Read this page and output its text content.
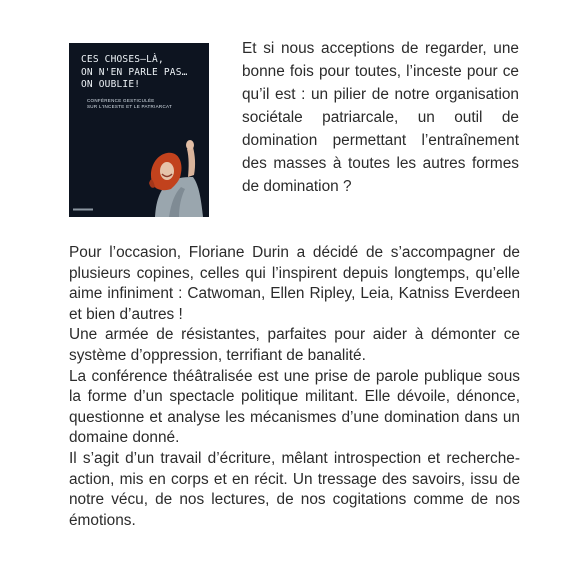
CES CHOSES—LÀ,
ON N'EN PARLE PAS…
ON OUBLIE!
CONFÉRENCE GESTICULÉE
SUR L'INCESTE ET LE PATRIARCAT

Et si nous acceptions de regarder, une bonne fois pour toutes, l’inceste pour ce qu’il est : un pilier de notre organisation sociétale patriarcale, un outil de domination permettant l’entraînement des masses à toutes les autres formes de domination ?

Pour l’occasion, Floriane Durin a décidé de s’accompagner de plusieurs copines, celles qui l’inspirent depuis longtemps, qu’elle aime infiniment : Catwoman, Ellen Ripley, Leia, Katniss Everdeen et bien d’autres !

Une armée de résistantes, parfaites pour aider à démonter ce système d’oppression, terrifiant de banalité.

La conférence théâtralisée est une prise de parole publique sous la forme d’un spectacle politique militant. Elle dévoile, dénonce, questionne et analyse les mécanismes d’une domination dans un domaine donné.

Il s’agit d’un travail d’écriture, mêlant introspection et recherche-action, mis en corps et en récit. Un tressage des savoirs, issu de notre vécu, de nos lectures, de nos cogitations comme de nos émotions.
